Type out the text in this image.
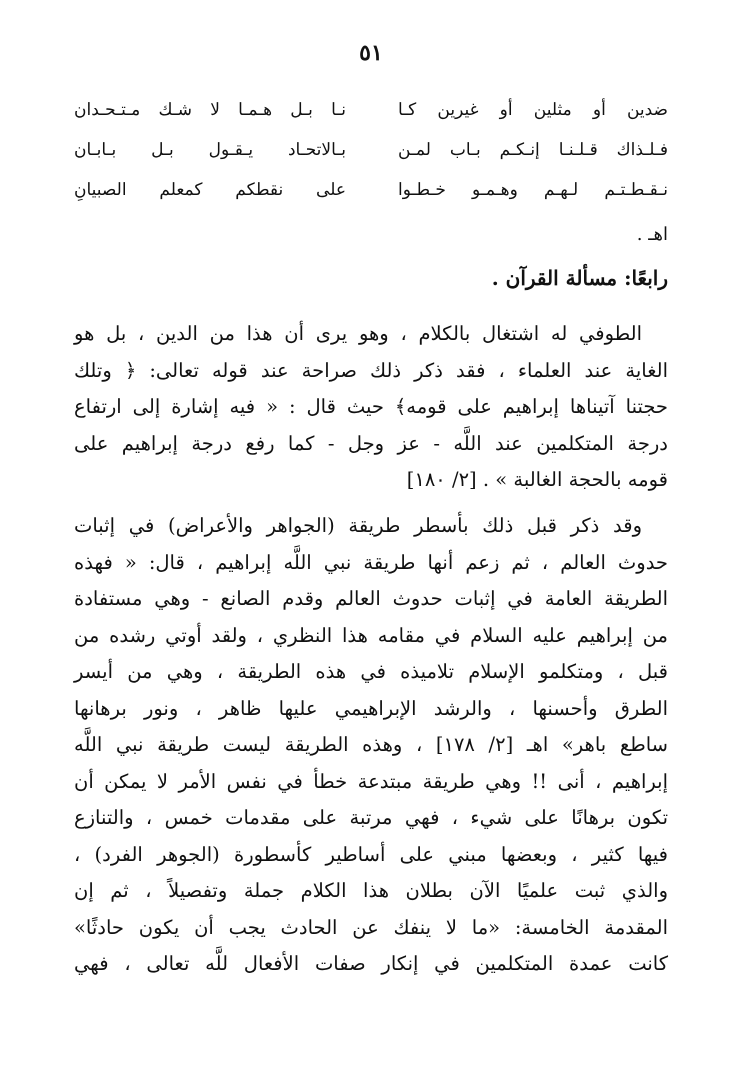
٥١
ضدين أو مثلين أو غيرين كـا
نـا بـل هـمـا لا شـك مـتـحـدان
فـلـذاك قـلـنـا إنـكـم بـاب لمـن
بـالاتحـاد يـقـول بـل بـابـان
نـقـطـتـم لـهـم وهـمـو خـطـوا
على نقطكم كمعلم الصبيانِ
اهـ .
رابعًا: مسألة القرآن .

الطوفي له اشتغال بالكلام ، وهو يرى أن هذا من الدين ، بل هو
الغاية عند العلماء ، فقد ذكر ذلك صراحة عند قوله تعالى: ﴿ وتلك
حجتنا آتيناها إبراهيم على قومه﴾ حيث قال : « فيه إشارة إلى ارتفاع
درجة المتكلمين عند اللَّه - عز وجل - كما رفع درجة إبراهيم على
قومه بالحجة الغالبة » . [٢/ ١٨٠]

وقد ذكر قبل ذلك بأسطر طريقة (الجواهر والأعراض) في إثبات
حدوث العالم ، ثم زعم أنها طريقة نبي اللَّه إبراهيم ، قال: « فهذه
الطريقة العامة في إثبات حدوث العالم وقدم الصانع - وهي مستفادة
من إبراهيم عليه السلام في مقامه هذا النظري ، ولقد أوتي رشده من
قبل ، ومتكلمو الإسلام تلاميذه في هذه الطريقة ، وهي من أيسر
الطرق وأحسنها ، والرشد الإبراهيمي عليها ظاهر ، ونور برهانها
ساطع باهر» اهـ [٢/ ١٧٨] ، وهذه الطريقة ليست طريقة نبي اللَّه
إبراهيم ، أنى !! وهي طريقة مبتدعة خطأ في نفس الأمر لا يمكن أن
تكون برهانًا على شيء ، فهي مرتبة على مقدمات خمس ، والتنازع
فيها كثير ، وبعضها مبني على أساطير كأسطورة (الجوهر الفرد) ،
والذي ثبت علميًا الآن بطلان هذا الكلام جملة وتفصيلاً ، ثم إن
المقدمة الخامسة: «ما لا ينفك عن الحادث يجب أن يكون حادثًا»
كانت عمدة المتكلمين في إنكار صفات الأفعال للَّه تعالى ، فهي
